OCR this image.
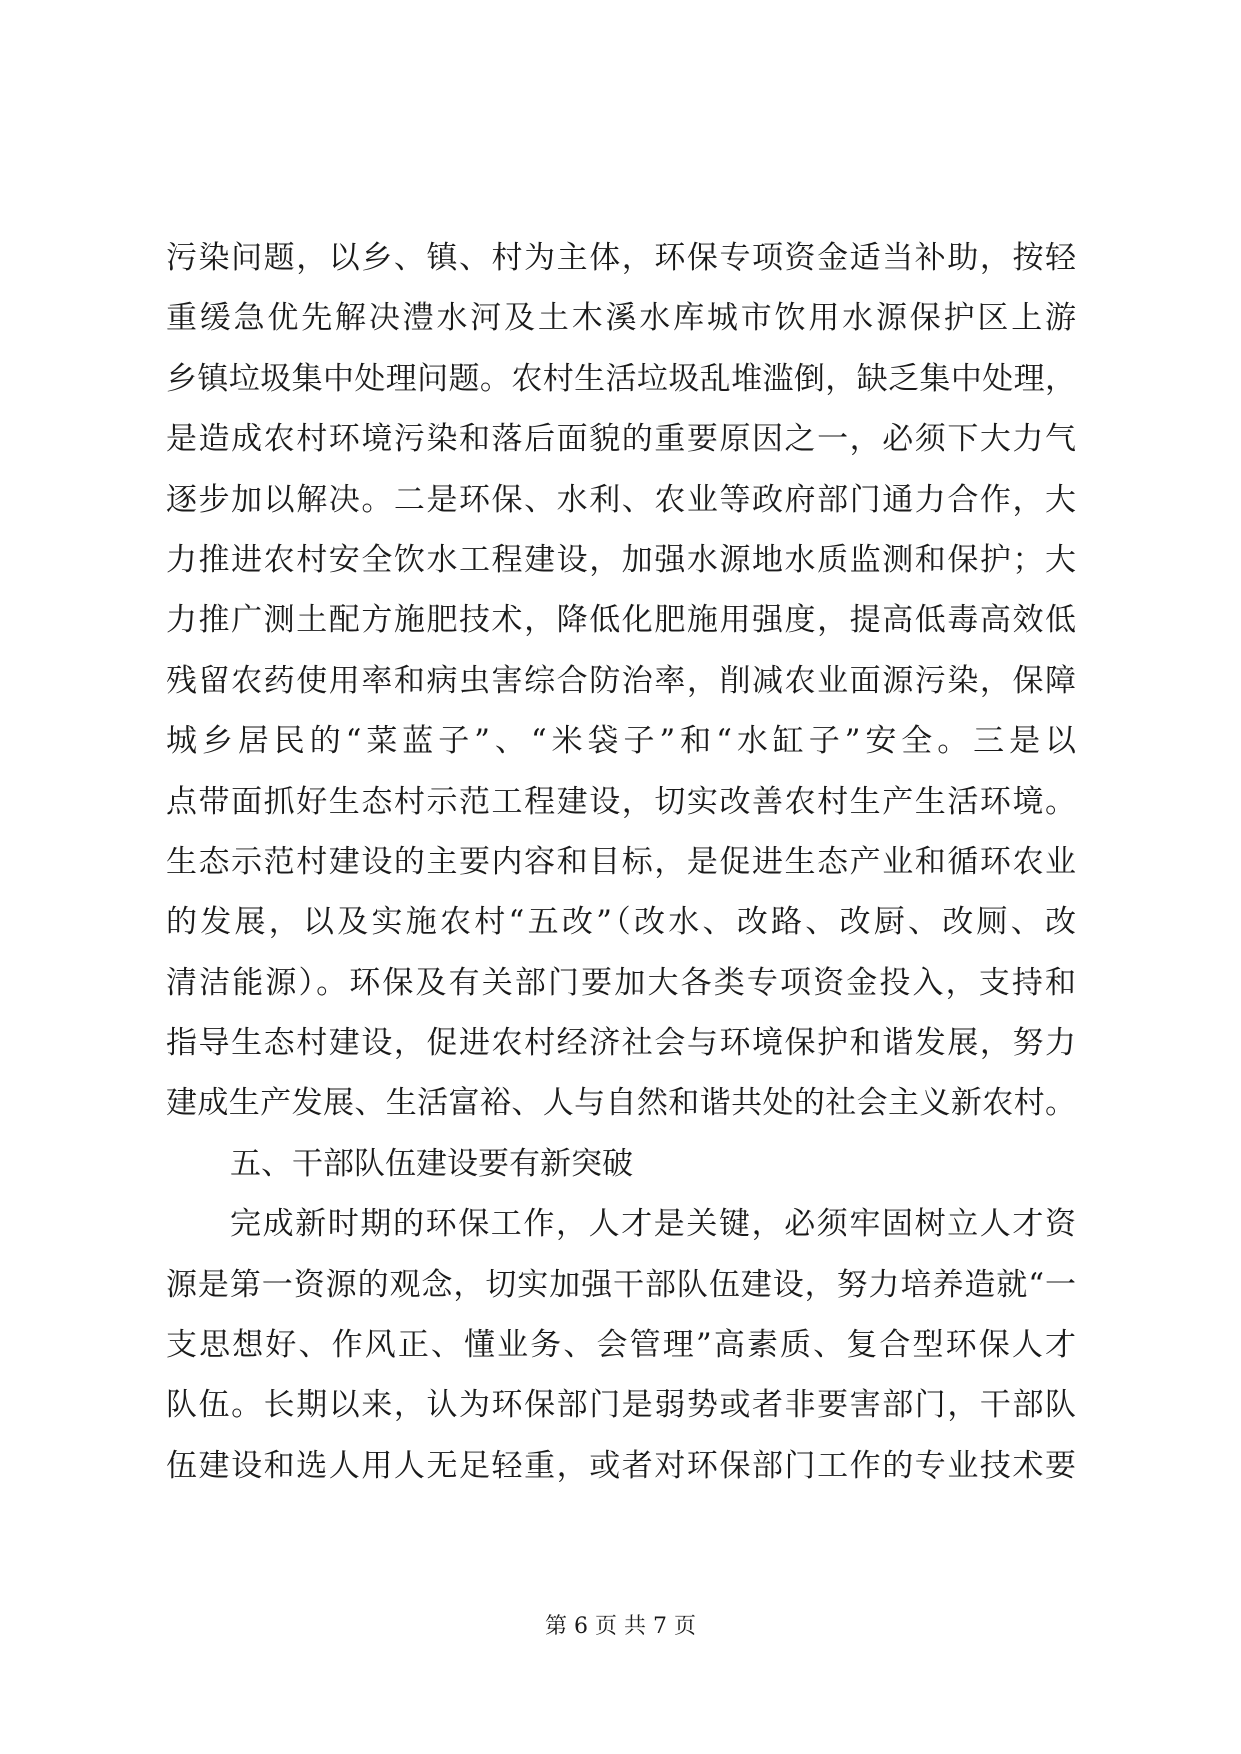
污染问题，以乡、镇、村为主体，环保专项资金适当补助，按轻
重缓急优先解决澧水河及土木溪水库城市饮用水源保护区上游
乡镇垃圾集中处理问题。农村生活垃圾乱堆滥倒，缺乏集中处理，
是造成农村环境污染和落后面貌的重要原因之一，必须下大力气
逐步加以解决。二是环保、水利、农业等政府部门通力合作，大
力推进农村安全饮水工程建设，加强水源地水质监测和保护；大
力推广测土配方施肥技术，降低化肥施用强度，提高低毒高效低
残留农药使用率和病虫害综合防治率，削减农业面源污染，保障
城乡居民的“菜蓝子”、“米袋子”和“水缸子”安全。三是以
点带面抓好生态村示范工程建设，切实改善农村生产生活环境。
生态示范村建设的主要内容和目标，是促进生态产业和循环农业
的发展，以及实施农村“五改”（改水、改路、改厨、改厕、改
清洁能源）。环保及有关部门要加大各类专项资金投入，支持和
指导生态村建设，促进农村经济社会与环境保护和谐发展，努力
建成生产发展、生活富裕、人与自然和谐共处的社会主义新农村。
五、干部队伍建设要有新突破
完成新时期的环保工作，人才是关键，必须牢固树立人才资
源是第一资源的观念，切实加强干部队伍建设，努力培养造就“一
支思想好、作风正、懂业务、会管理”高素质、复合型环保人才
队伍。长期以来，认为环保部门是弱势或者非要害部门，干部队
伍建设和选人用人无足轻重，或者对环保部门工作的专业技术要
第 6 页 共 7 页
